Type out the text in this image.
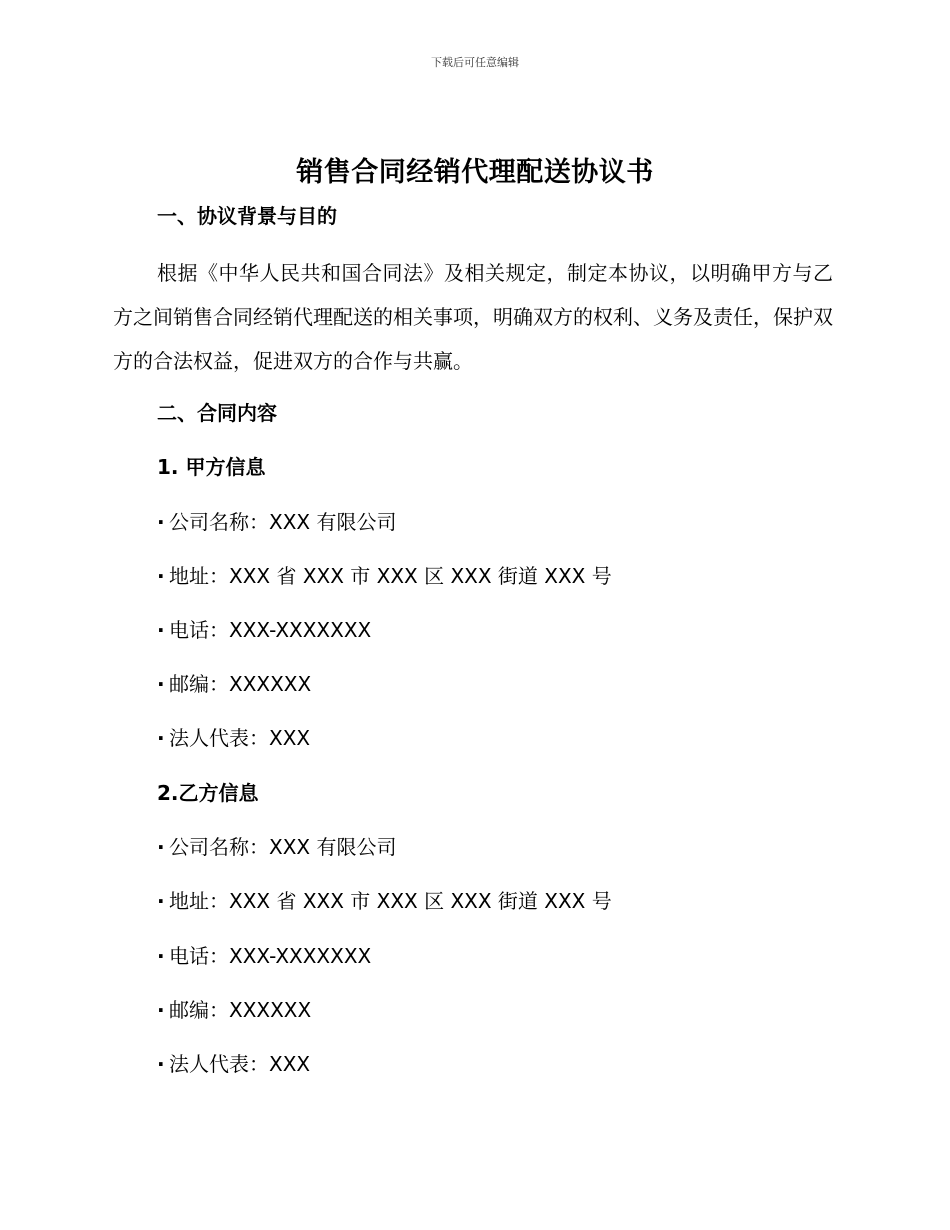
下载后可任意编辑
销售合同经销代理配送协议书
一、协议背景与目的
根据《中华人民共和国合同法》及相关规定，制定本协议，以明确甲方与乙方之间销售合同经销代理配送的相关事项，明确双方的权利、义务及责任，保护双方的合法权益，促进双方的合作与共赢。
二、合同内容
1. 甲方信息
· 公司名称：XXX 有限公司
· 地址：XXX 省 XXX 市 XXX 区 XXX 街道 XXX 号
· 电话：XXX-XXXXXXX
· 邮编：XXXXXX
· 法人代表：XXX
2.乙方信息
· 公司名称：XXX 有限公司
· 地址：XXX 省 XXX 市 XXX 区 XXX 街道 XXX 号
· 电话：XXX-XXXXXXX
· 邮编：XXXXXX
· 法人代表：XXX
